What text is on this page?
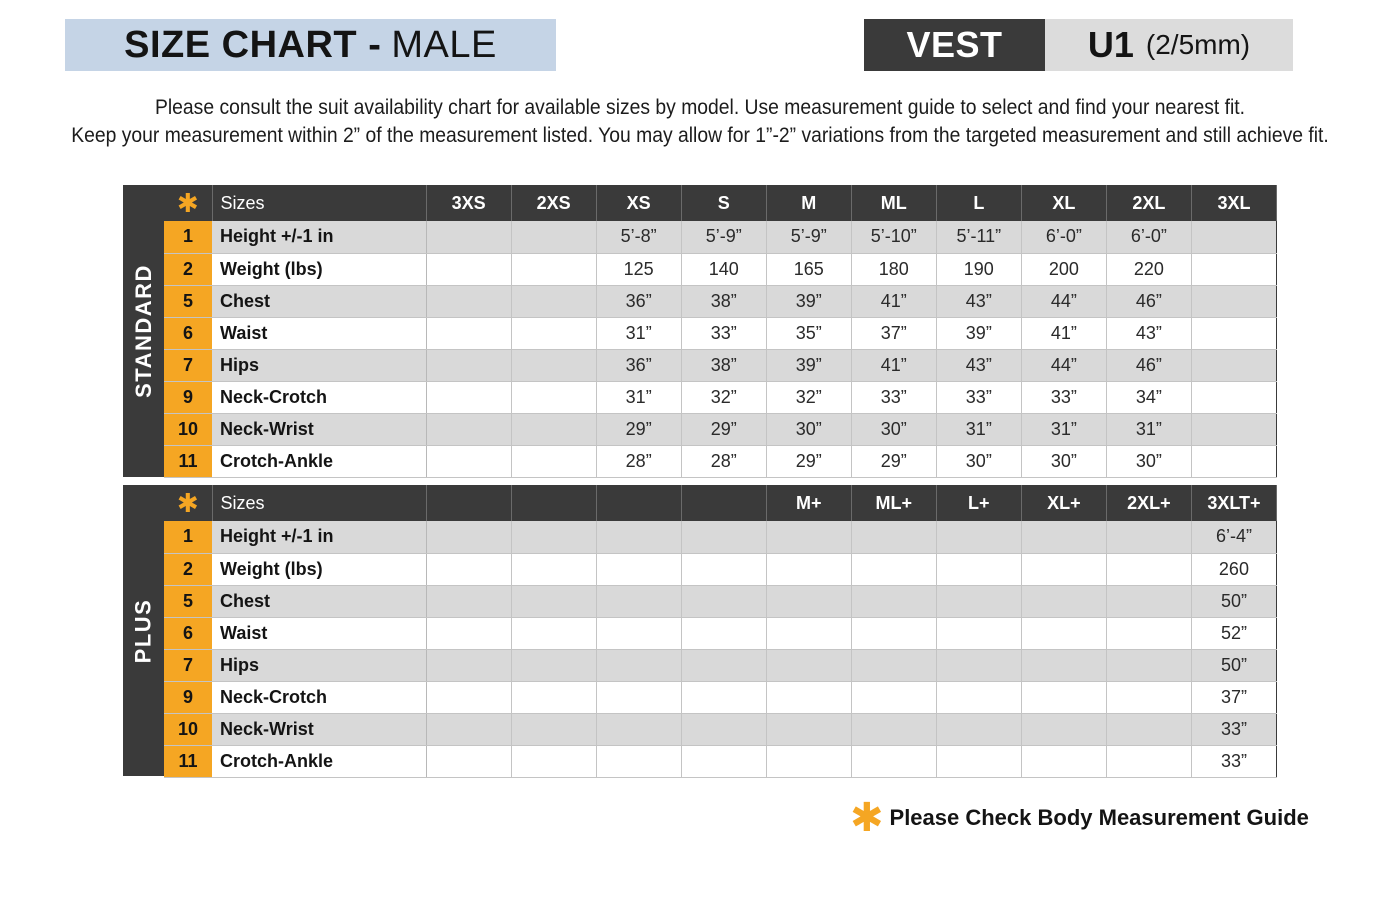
SIZE CHART - MALE	VEST	U1 (2/5mm)
Please consult the suit availability chart for available sizes by model. Use measurement guide to select and find your nearest fit.
Keep your measurement within 2” of the measurement listed. You may allow for 1”-2” variations from the targeted measurement and still achieve fit.
STANDARD
✱	Sizes	3XS	2XS	XS	S	M	ML	L	XL	2XL	3XL
1	Height +/-1 in			5’-8”	5’-9”	5’-9”	5’-10”	5’-11”	6’-0”	6’-0”	
2	Weight (lbs)			125	140	165	180	190	200	220	
5	Chest			36”	38”	39”	41”	43”	44”	46”	
6	Waist			31”	33”	35”	37”	39”	41”	43”	
7	Hips			36”	38”	39”	41”	43”	44”	46”	
9	Neck-Crotch			31”	32”	32”	33”	33”	33”	34”	
10	Neck-Wrist			29”	29”	30”	30”	31”	31”	31”	
11	Crotch-Ankle			28”	28”	29”	29”	30”	30”	30”	
PLUS
✱	Sizes					M+	ML+	L+	XL+	2XL+	3XLT+
1	Height +/-1 in										6’-4”
2	Weight (lbs)										260
5	Chest										50”
6	Waist										52”
7	Hips										50”
9	Neck-Crotch										37”
10	Neck-Wrist										33”
11	Crotch-Ankle										33”
✱ Please Check Body Measurement Guide
